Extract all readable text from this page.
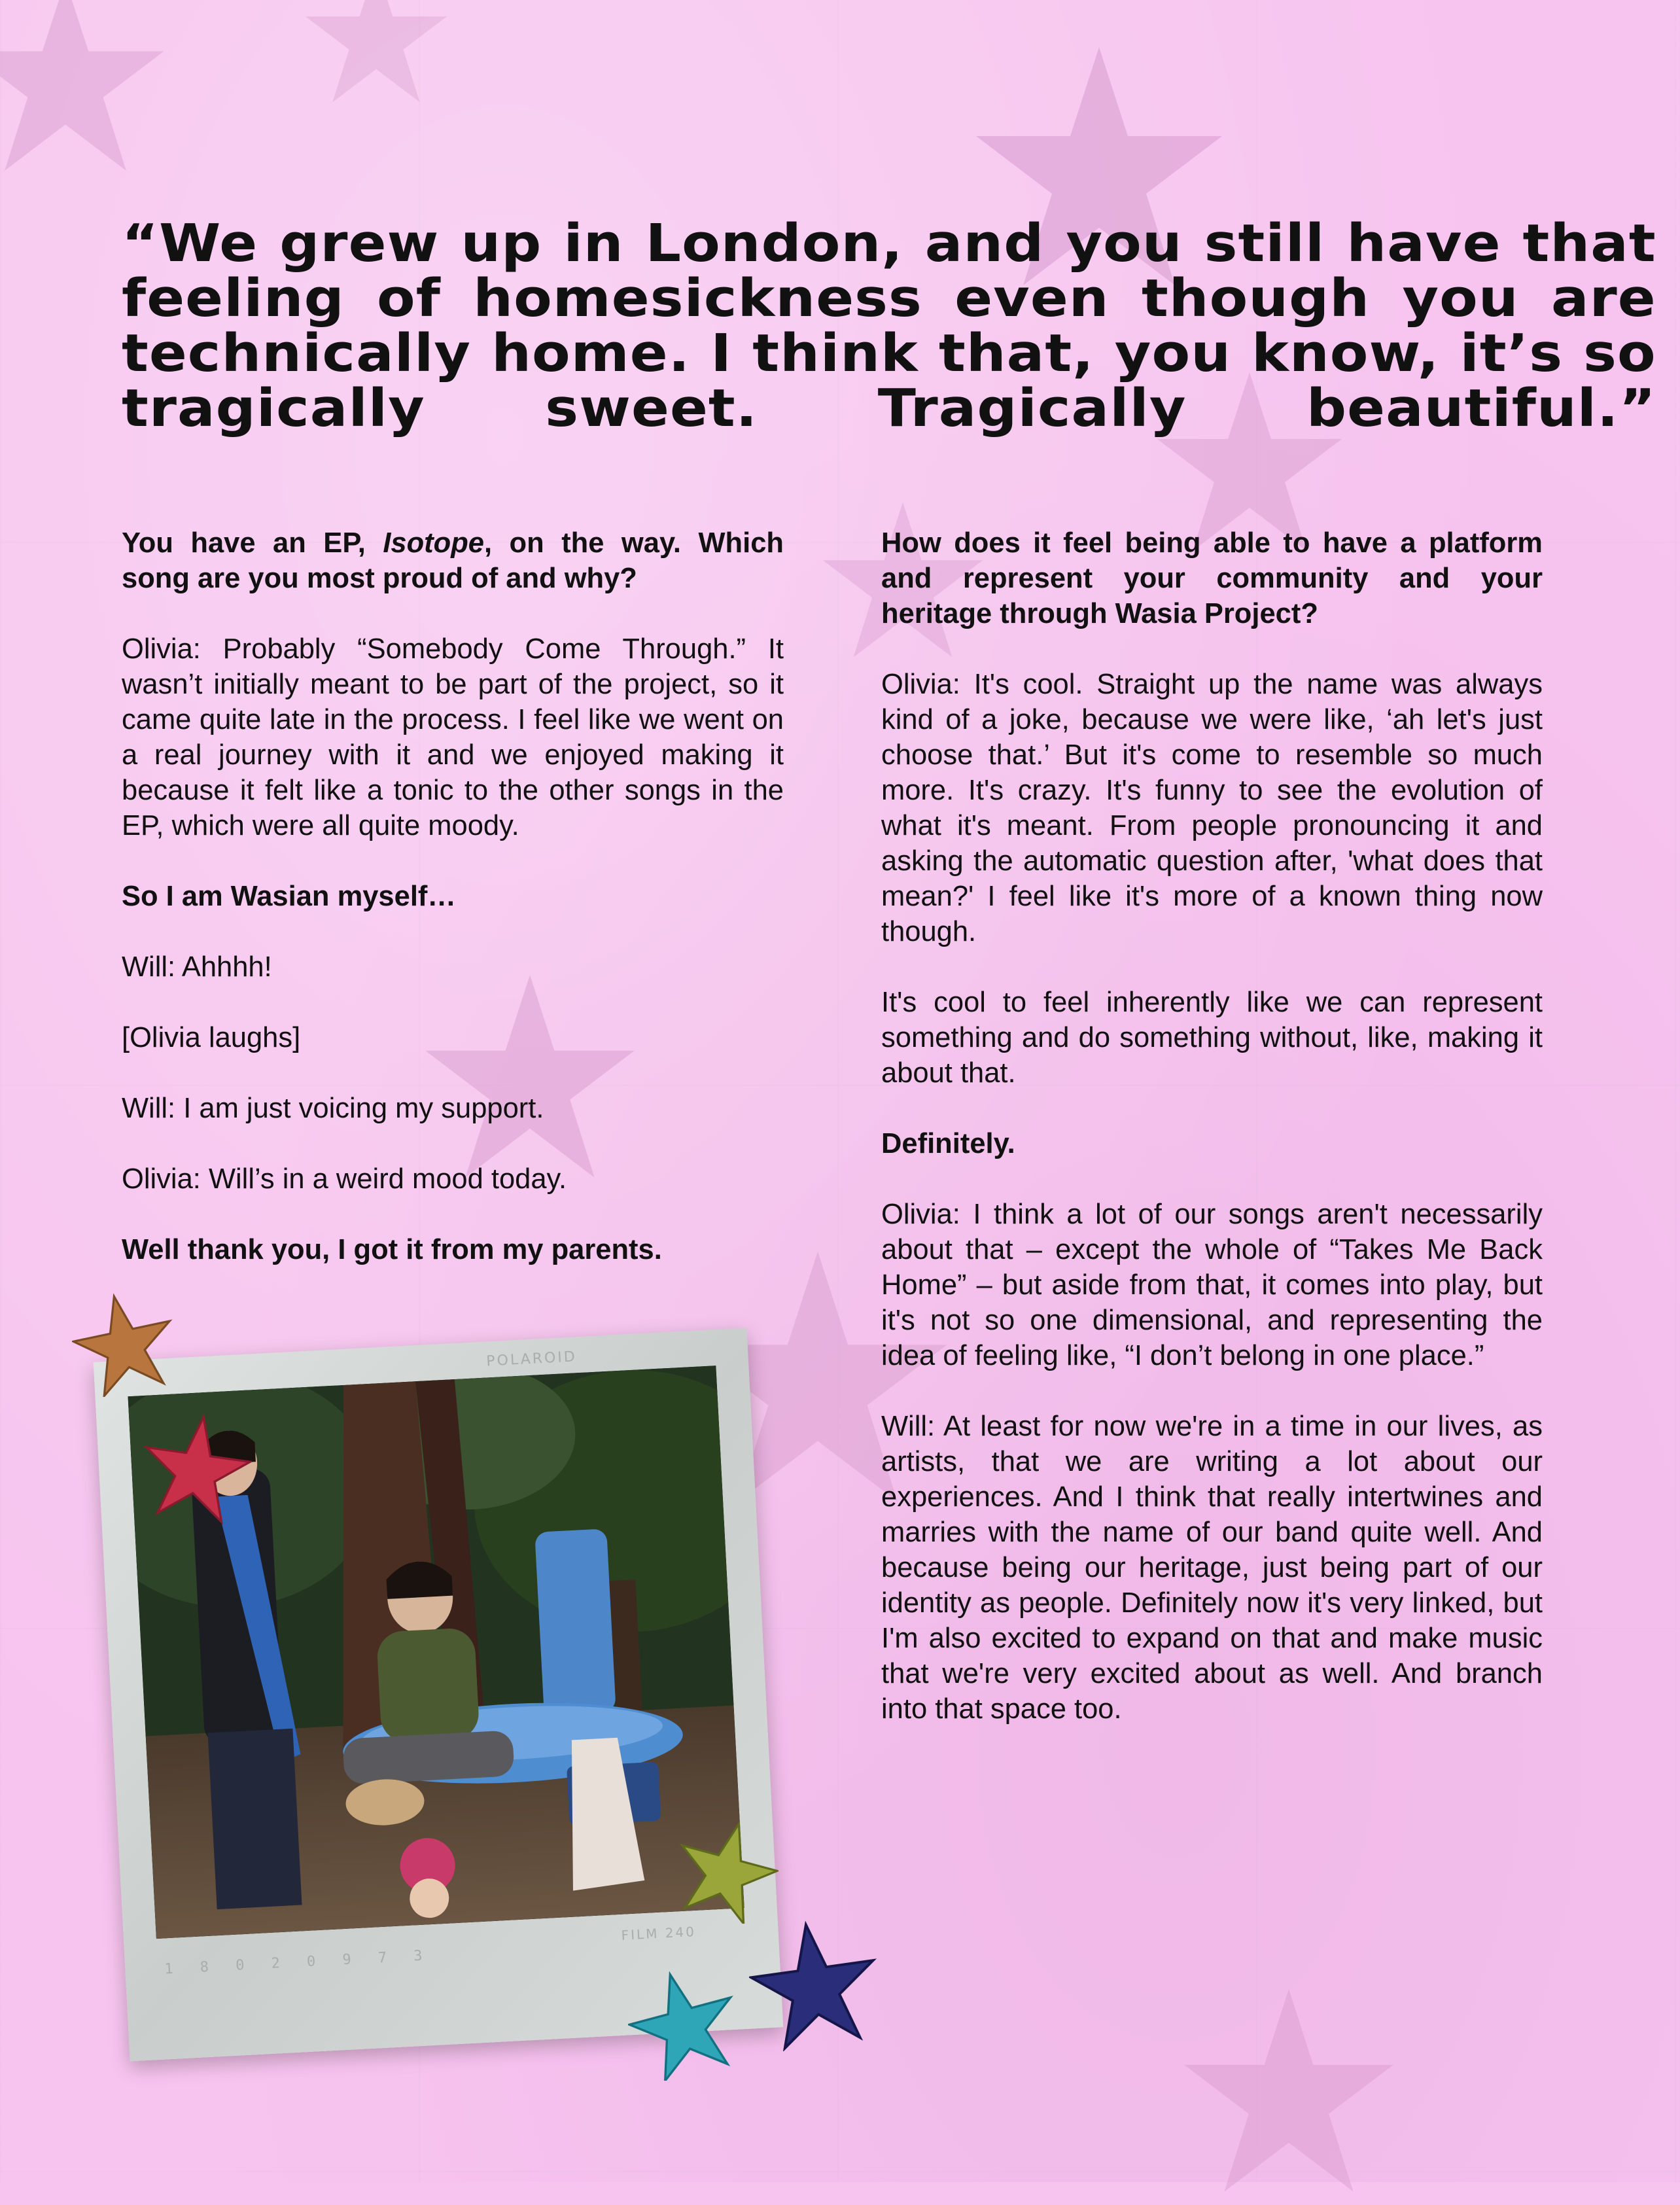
“We grew up in London, and you still have that feeling of homesickness even though you are technically home. I think that, you know, it’s so tragically sweet. Tragically beautiful.”

You have an EP, Isotope, on the way. Which song are you most proud of and why?

Olivia: Probably “Somebody Come Through.” It wasn’t initially meant to be part of the project, so it came quite late in the process. I feel like we went on a real journey with it and we enjoyed making it because it felt like a tonic to the other songs in the EP, which were all quite moody.

So I am Wasian myself…

Will: Ahhhh!

[Olivia laughs]

Will: I am just voicing my support.

Olivia: Will’s in a weird mood today.

Well thank you, I got it from my parents.

How does it feel being able to have a platform and represent your community and your heritage through Wasia Project?

Olivia: It's cool. Straight up the name was always kind of a joke, because we were like, ‘ah let's just choose that.’ But it's come to resemble so much more. It's crazy. It's funny to see the evolution of what it's meant. From people pronouncing it and asking the automatic question after, 'what does that mean?' I feel like it's more of a known thing now though.

It's cool to feel inherently like we can represent something and do something without, like, making it about that.

Definitely.

Olivia: I think a lot of our songs aren't necessarily about that – except the whole of “Takes Me Back Home” – but aside from that, it comes into play, but it's not so one dimensional, and representing the idea of feeling like, “I don’t belong in one place.”

Will: At least for now we're in a time in our lives, as artists, that we are writing a lot about our experiences. And I think that really intertwines and marries with the name of our band quite well. And because being our heritage, just being part of our identity as people. Definitely now it's very linked, but I'm also excited to expand on that and make music that we're very excited about as well. And branch into that space too.

POLAROID
FILM 240
1 8 0 2 0 9 7 3
